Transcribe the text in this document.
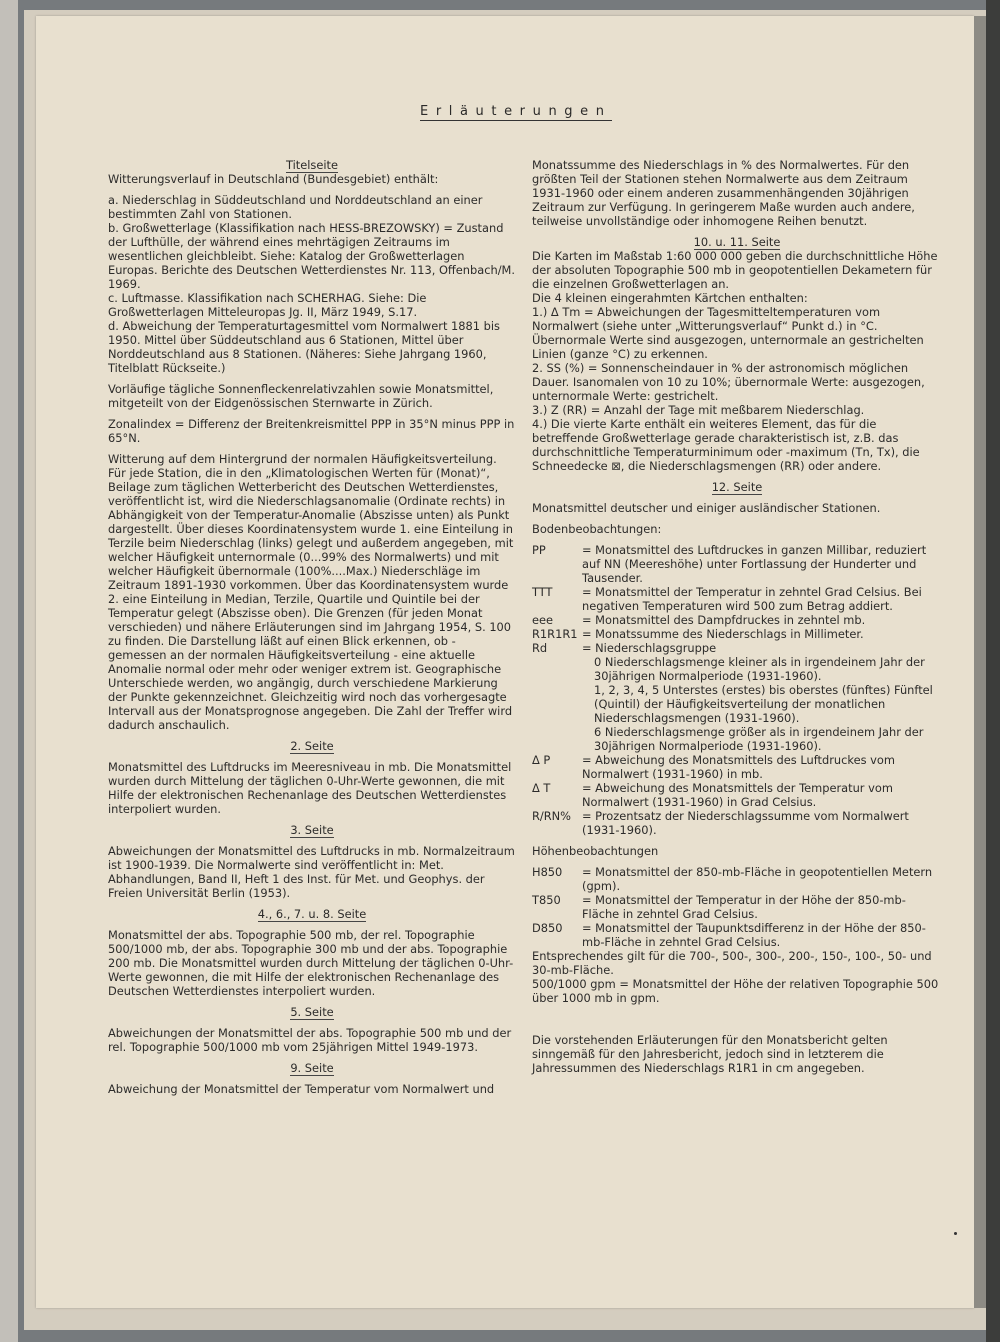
Erläuterungen

Titelseite

Witterungsverlauf in Deutschland (Bundesgebiet) enthält:

a. Niederschlag in Süddeutschland und Norddeutschland an einer bestimmten Zahl von Stationen.

b. Großwetterlage (Klassifikation nach HESS-BREZOWSKY) = Zustand der Lufthülle, der während eines mehrtägigen Zeitraums im wesentlichen gleichbleibt. Siehe: Katalog der Großwetterlagen Europas. Berichte des Deutschen Wetterdienstes Nr. 113, Offenbach/M. 1969.

c. Luftmasse. Klassifikation nach SCHERHAG. Siehe: Die Großwetterlagen Mitteleuropas Jg. II, März 1949, S.17.

d. Abweichung der Temperaturtagesmittel vom Normalwert 1881 bis 1950. Mittel über Süddeutschland aus 6 Stationen, Mittel über Norddeutschland aus 8 Stationen. (Näheres: Siehe Jahrgang 1960, Titelblatt Rückseite.)

Vorläufige tägliche Sonnenfleckenrelativzahlen sowie Monatsmittel, mitgeteilt von der Eidgenössischen Sternwarte in Zürich.

Zonalindex = Differenz der Breitenkreismittel PPP in 35°N minus PPP in 65°N.

Witterung auf dem Hintergrund der normalen Häufigkeitsverteilung. Für jede Station, die in den „Klimatologischen Werten für (Monat)“, Beilage zum täglichen Wetterbericht des Deutschen Wetterdienstes, veröffentlicht ist, wird die Niederschlagsanomalie (Ordinate rechts) in Abhängigkeit von der Temperatur-Anomalie (Abszisse unten) als Punkt dargestellt. Über dieses Koordinatensystem wurde 1. eine Einteilung in Terzile beim Niederschlag (links) gelegt und außerdem angegeben, mit welcher Häufigkeit unternormale (0...99% des Normalwerts) und mit welcher Häufigkeit übernormale (100%....Max.) Niederschläge im Zeitraum 1891-1930 vorkommen. Über das Koordinatensystem wurde 2. eine Einteilung in Median, Terzile, Quartile und Quintile bei der Temperatur gelegt (Abszisse oben). Die Grenzen (für jeden Monat verschieden) und nähere Erläuterungen sind im Jahrgang 1954, S. 100 zu finden. Die Darstellung läßt auf einen Blick erkennen, ob - gemessen an der normalen Häufigkeitsverteilung - eine aktuelle Anomalie normal oder mehr oder weniger extrem ist. Geographische Unterschiede werden, wo angängig, durch verschiedene Markierung der Punkte gekennzeichnet. Gleichzeitig wird noch das vorhergesagte Intervall aus der Monatsprognose angegeben. Die Zahl der Treffer wird dadurch anschaulich.

2. Seite

Monatsmittel des Luftdrucks im Meeresniveau in mb. Die Monatsmittel wurden durch Mittelung der täglichen 0-Uhr-Werte gewonnen, die mit Hilfe der elektronischen Rechenanlage des Deutschen Wetterdienstes interpoliert wurden.

3. Seite

Abweichungen der Monatsmittel des Luftdrucks in mb. Normalzeitraum ist 1900-1939. Die Normalwerte sind veröffentlicht in: Met. Abhandlungen, Band II, Heft 1 des Inst. für Met. und Geophys. der Freien Universität Berlin (1953).

4., 6., 7. u. 8. Seite

Monatsmittel der abs. Topographie 500 mb, der rel. Topographie 500/1000 mb, der abs. Topographie 300 mb und der abs. Topographie 200 mb. Die Monatsmittel wurden durch Mittelung der täglichen 0-Uhr-Werte gewonnen, die mit Hilfe der elektronischen Rechenanlage des Deutschen Wetterdienstes interpoliert wurden.

5. Seite

Abweichungen der Monatsmittel der abs. Topographie 500 mb und der rel. Topographie 500/1000 mb vom 25jährigen Mittel 1949-1973.

9. Seite

Abweichung der Monatsmittel der Temperatur vom Normalwert und

Monatssumme des Niederschlags in % des Normalwertes. Für den größten Teil der Stationen stehen Normalwerte aus dem Zeitraum 1931-1960 oder einem anderen zusammenhängenden 30jährigen Zeitraum zur Verfügung. In geringerem Maße wurden auch andere, teilweise unvollständige oder inhomogene Reihen benutzt.

10. u. 11. Seite

Die Karten im Maßstab 1:60 000 000 geben die durchschnittliche Höhe der absoluten Topographie 500 mb in geopotentiellen Dekametern für die einzelnen Großwetterlagen an.

Die 4 kleinen eingerahmten Kärtchen enthalten:

1.) Δ Tm = Abweichungen der Tagesmitteltemperaturen vom Normalwert (siehe unter „Witterungsverlauf“ Punkt d.) in °C. Übernormale Werte sind ausgezogen, unternormale an gestrichelten Linien (ganze °C) zu erkennen.

2. SS (%) = Sonnenscheindauer in % der astronomisch möglichen Dauer. Isanomalen von 10 zu 10%; übernormale Werte: ausgezogen, unternormale Werte: gestrichelt.

3.) Z (RR) = Anzahl der Tage mit meßbarem Niederschlag.

4.) Die vierte Karte enthält ein weiteres Element, das für die betreffende Großwetterlage gerade charakteristisch ist, z.B. das durchschnittliche Temperaturminimum oder -maximum (Tn, Tx), die Schneedecke ⊠, die Niederschlagsmengen (RR) oder andere.

12. Seite

Monatsmittel deutscher und einiger ausländischer Stationen.

Bodenbeobachtungen:

PP	= Monatsmittel des Luftdruckes in ganzen Millibar, reduziert auf NN (Meereshöhe) unter Fortlassung der Hunderter und Tausender.
TTT	= Monatsmittel der Temperatur in zehntel Grad Celsius. Bei negativen Temperaturen wird 500 zum Betrag addiert.
eee	= Monatsmittel des Dampfdruckes in zehntel mb.
R1R1R1 = Monatssumme des Niederschlags in Millimeter.
Rd	= Niederschlagsgruppe
0 Niederschlagsmenge kleiner als in irgendeinem Jahr der 30jährigen Normalperiode (1931-1960).
1, 2, 3, 4, 5 Unterstes (erstes) bis oberstes (fünftes) Fünftel (Quintil) der Häufigkeitsverteilung der monatlichen Niederschlagsmengen (1931-1960).
6 Niederschlagsmenge größer als in irgendeinem Jahr der 30jährigen Normalperiode (1931-1960).
Δ P	= Abweichung des Monatsmittels des Luftdruckes vom Normalwert (1931-1960) in mb.
Δ T	= Abweichung des Monatsmittels der Temperatur vom Normalwert (1931-1960) in Grad Celsius.
R/RN% = Prozentsatz der Niederschlagssumme vom Normalwert (1931-1960).

Höhenbeobachtungen

H850	= Monatsmittel der 850-mb-Fläche in geopotentiellen Metern (gpm).
T850	= Monatsmittel der Temperatur in der Höhe der 850-mb-Fläche in zehntel Grad Celsius.
D850	= Monatsmittel der Taupunktsdifferenz in der Höhe der 850-mb-Fläche in zehntel Grad Celsius.

Entsprechendes gilt für die 700-, 500-, 300-, 200-, 150-, 100-, 50- und 30-mb-Fläche.

500/1000 gpm = Monatsmittel der Höhe der relativen Topographie 500 über 1000 mb in gpm.

Die vorstehenden Erläuterungen für den Monatsbericht gelten sinngemäß für den Jahresbericht, jedoch sind in letzterem die Jahressummen des Niederschlags R1R1 in cm angegeben.
